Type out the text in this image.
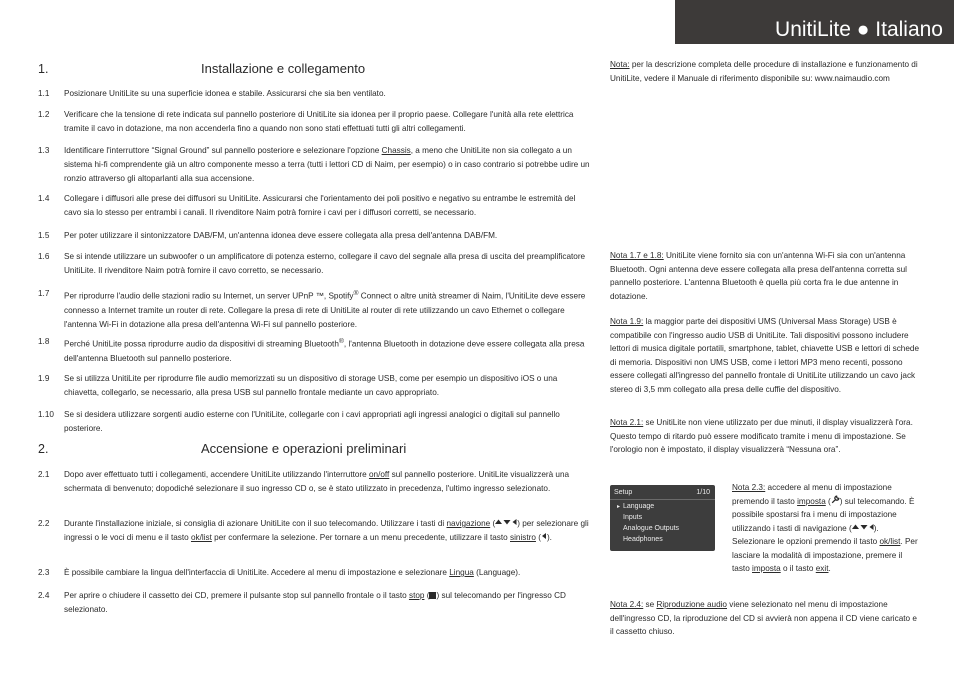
UnitiLite ● Italiano
1.	Installazione e collegamento
1.1	Posizionare UnitiLite su una superficie idonea e stabile. Assicurarsi che sia ben ventilato.
1.2	Verificare che la tensione di rete indicata sul pannello posteriore di UnitiLite sia idonea per il proprio paese. Collegare l'unità alla rete elettrica tramite il cavo in dotazione, ma non accenderla fino a quando non sono stati effettuati tutti gli altri collegamenti.
1.3	Identificare l'interruttore “Signal Ground” sul pannello posteriore e selezionare l'opzione Chassis, a meno che UnitiLite non sia collegato a un sistema hi-fi comprendente già un altro componente messo a terra (tutti i lettori CD di Naim, per esempio) o in caso contrario si potrebbe udire un ronzio attraverso gli altoparlanti alla sua accensione.
1.4	Collegare i diffusori alle prese dei diffusori su UnitiLite. Assicurarsi che l'orientamento dei poli positivo e negativo su entrambe le estremità del cavo sia lo stesso per entrambi i canali. Il rivenditore Naim potrà fornire i cavi per i diffusori corretti, se necessario.
1.5	Per poter utilizzare il sintonizzatore DAB/FM, un'antenna idonea deve essere collegata alla presa dell'antenna DAB/FM.
1.6	Se si intende utilizzare un subwoofer o un amplificatore di potenza esterno, collegare il cavo del segnale alla presa di uscita del preamplificatore UnitiLite. Il rivenditore Naim potrà fornire il cavo corretto, se necessario.
1.7	Per riprodurre l'audio delle stazioni radio su Internet, un server UPnP ™, Spotify® Connect o altre unità streamer di Naim, l'UnitiLite deve essere connesso a Internet tramite un router di rete. Collegare la presa di rete di UnitiLite al router di rete utilizzando un cavo Ethernet o collegare l'antenna Wi-Fi in dotazione alla presa dell'antenna Wi-Fi sul pannello posteriore.
1.8	Perché UnitiLite possa riprodurre audio da dispositivi di streaming Bluetooth®, l'antenna Bluetooth in dotazione deve essere collegata alla presa dell'antenna Bluetooth sul pannello posteriore.
1.9	Se si utilizza UnitiLite per riprodurre file audio memorizzati su un dispositivo di storage USB, come per esempio un dispositivo iOS o una chiavetta, collegarlo, se necessario, alla presa USB sul pannello frontale mediante un cavo appropriato.
1.10	Se si desidera utilizzare sorgenti audio esterne con l'UnitiLite, collegarle con i cavi appropriati agli ingressi analogici o digitali sul pannello posteriore.
2.	Accensione e operazioni preliminari
2.1	Dopo aver effettuato tutti i collegamenti, accendere UnitiLite utilizzando l'interruttore on/off sul pannello posteriore. UnitiLite visualizzerà una schermata di benvenuto; dopodiché selezionare il suo ingresso CD o, se è stato utilizzato in precedenza, l'ultimo ingresso selezionato.
2.2	Durante l'installazione iniziale, si consiglia di azionare UnitiLite con il suo telecomando. Utilizzare i tasti di navigazione (	) per selezionare gli ingressi o le voci di menu e il tasto ok/list per confermare la selezione. Per tornare a un menu precedente, utilizzare il tasto sinistro ( ).
2.3	È possibile cambiare la lingua dell'interfaccia di UnitiLite. Accedere al menu di impostazione e selezionare Lingua (Language).
2.4	Per aprire o chiudere il cassetto dei CD, premere il pulsante stop sul pannello frontale o il tasto stop ( ) sul telecomando per l'ingresso CD selezionato.
Nota: per la descrizione completa delle procedure di installazione e funzionamento di UnitiLite, vedere il Manuale di riferimento disponibile su: www.naimaudio.com
Nota 1.7 e 1.8: UnitiLite viene fornito sia con un'antenna Wi-Fi sia con un'antenna Bluetooth. Ogni antenna deve essere collegata alla presa dell'antenna corretta sul pannello posteriore. L'antenna Bluetooth è quella più corta fra le due antenne in dotazione.
Nota 1.9: la maggior parte dei dispositivi UMS (Universal Mass Storage) USB è compatibile con l'ingresso audio USB di UnitiLite. Tali dispositivi possono includere lettori di musica digitale portatili, smartphone, tablet, chiavette USB e lettori di schede di memoria. Dispositivi non UMS USB, come i lettori MP3 meno recenti, possono essere collegati all'ingresso del pannello frontale di UnitiLite utilizzando un cavo jack stereo di 3,5 mm collegato alla presa delle cuffie del dispositivo.
Nota 2.1: se UnitiLite non viene utilizzato per due minuti, il display visualizzerà l'ora. Questo tempo di ritardo può essere modificato tramite i menu di impostazione. Se l'orologio non è impostato, il display visualizzerà “Nessuna ora”.
Setup	1/10
▸ Language
Inputs
Analogue Outputs
Headphones
Nota 2.3: accedere al menu di impostazione premendo il tasto imposta ( ) sul telecomando. È possibile spostarsi fra i menu di impostazione utilizzando i tasti di navigazione (	). Selezionare le opzioni premendo il tasto ok/list. Per lasciare la modalità di impostazione, premere il tasto imposta o il tasto exit.
Nota 2.4: se Riproduzione audio viene selezionato nel menu di impostazione dell'ingresso CD, la riproduzione del CD si avvierà non appena il CD viene caricato e il cassetto chiuso.
